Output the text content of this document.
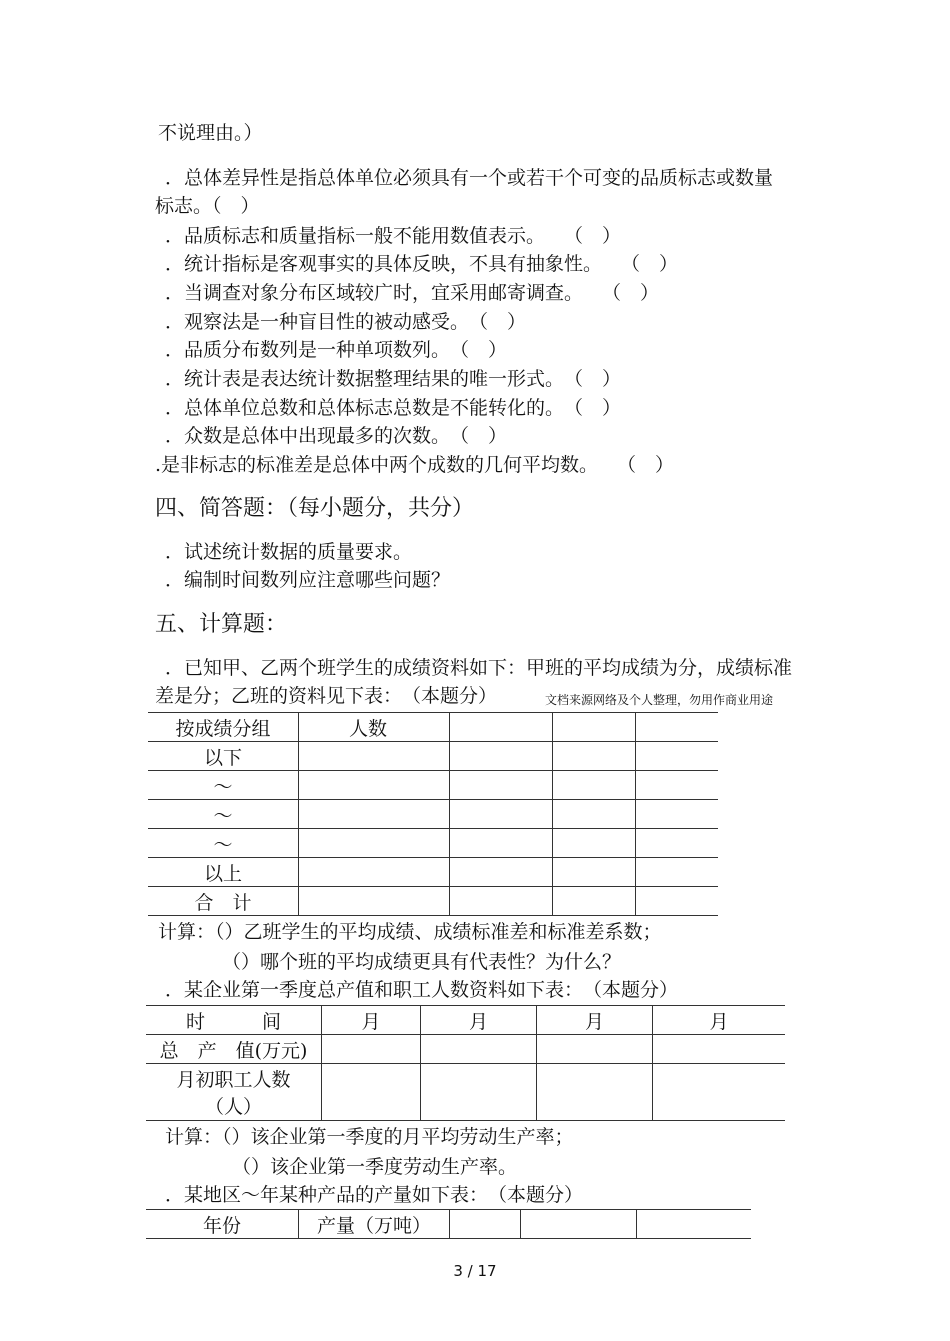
不说理由。）
．总体差异性是指总体单位必须具有一个或若干个可变的品质标志或数量
标志。（　）
．品质标志和质量指标一般不能用数值表示。　　（　）
．统计指标是客观事实的具体反映，不具有抽象性。　　（　）
．当调查对象分布区域较广时，宜采用邮寄调查。　　（　）
．观察法是一种盲目性的被动感受。　（　）
．品质分布数列是一种单项数列。　（　）
．统计表是表达统计数据整理结果的唯一形式。　（　）
．总体单位总数和总体标志总数是不能转化的。　（　）
．众数是总体中出现最多的次数。　（　）
.是非标志的标准差是总体中两个成数的几何平均数。　　（　）
四、简答题：（每小题分，共分）
．试述统计数据的质量要求。
．编制时间数列应注意哪些问题？
五、计算题：
．已知甲、乙两个班学生的成绩资料如下：甲班的平均成绩为分，成绩标准
差是分；乙班的资料见下表：　（本题分）	文档来源网络及个人整理，勿用作商业用途
按成绩分组	人数			
以下				
～				
～				
～				
以上				
合　计				
计算：（）乙班学生的平均成绩、成绩标准差和标准差系数；
（）哪个班的平均成绩更具有代表性？为什么？
．某企业第一季度总产值和职工人数资料如下表：　（本题分）
时　　　间	月	月	月	月
总　产　值(万元)				
月初职工人数（人）				
计算：（）该企业第一季度的月平均劳动生产率；
（）该企业第一季度劳动生产率。
．某地区～年某种产品的产量如下表：　（本题分）
年份	产量（万吨）			
3 / 17
